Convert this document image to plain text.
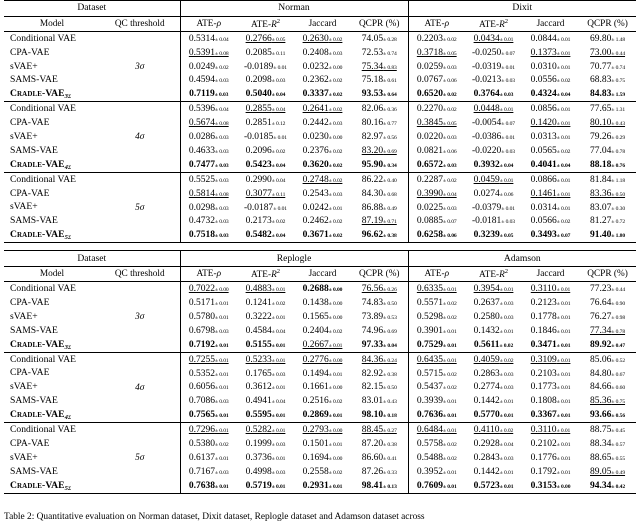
Dataset		Norman				Dixit			
Model	QC threshold	ATE-ρ	ATE-$R^2$	Jaccard	QCPR (%)	ATE-ρ	ATE-$R^2$	Jaccard	QCPR (%)
Conditional VAE	3σ	0.5314± 0.04	0.2766± 0.05	0.2630± 0.02	74.05± 0.28	0.2203± 0.02	0.0434± 0.01	0.0844± 0.01	69.80± 1.48
CPA-VAE		0.5391± 0.08	0.2085± 0.11	0.2408± 0.03	72.53± 0.74	0.3718± 0.05	-0.0250± 0.07	0.1373± 0.01	73.00± 0.44
sVAE+		0.0249± 0.02	-0.0189± 0.01	0.0232± 0.00	75.34± 0.83	0.0259± 0.03	-0.0319± 0.01	0.0310± 0.01	70.77± 0.74
SAMS-VAE		0.4594± 0.03	0.2098± 0.03	0.2362± 0.02	75.18± 0.61	0.0767± 0.06	-0.0213± 0.03	0.0556± 0.02	68.83± 0.75
Cradle-$VAE_{3\sigma}$		0.7119± 0.03	0.5040± 0.04	0.3337± 0.02	93.53± 0.64	0.6520± 0.02	0.3764± 0.03	0.4324± 0.04	84.83± 1.59
Conditional VAE	4σ	0.5396± 0.04	0.2855± 0.04	0.2641± 0.02	82.06± 0.36	0.2270± 0.02	0.0448± 0.01	0.0856± 0.01	77.65± 1.31
CPA-VAE		0.5674± 0.08	0.2851± 0.12	0.2442± 0.03	80.16± 0.77	0.3845± 0.05	-0.0054± 0.07	0.1420± 0.01	80.10± 0.43
sVAE+		0.0286± 0.03	-0.0185± 0.01	0.0230± 0.00	82.97± 0.56	0.0220± 0.03	-0.0386± 0.01	0.0313± 0.01	79.26± 0.29
SAMS-VAE		0.4633± 0.03	0.2096± 0.02	0.2376± 0.02	83.20± 0.69	0.0821± 0.06	-0.0220± 0.03	0.0565± 0.02	77.04± 0.78
Cradle-$VAE_{4\sigma}$		0.7477± 0.03	0.5423± 0.04	0.3620± 0.02	95.90± 0.34	0.6572± 0.03	0.3932± 0.04	0.4041± 0.04	88.18± 0.76
Conditional VAE	5σ	0.5525± 0.03	0.2990± 0.04	0.2748± 0.02	86.22± 0.40	0.2287± 0.02	0.0459± 0.01	0.0866± 0.01	81.84± 1.18
CPA-VAE		0.5814± 0.08	0.3077± 0.11	0.2543± 0.03	84.30± 0.68	0.3990± 0.04	0.0274± 0.06	0.1461± 0.01	83.36± 0.50
sVAE+		0.0298± 0.03	-0.0187± 0.01	0.0242± 0.01	86.88± 0.49	0.0225± 0.03	-0.0379± 0.01	0.0314± 0.01	83.07± 0.30
SAMS-VAE		0.4732± 0.03	0.2173± 0.02	0.2462± 0.02	87.19± 0.71	0.0885± 0.07	-0.0181± 0.03	0.0566± 0.02	81.27± 0.72
Cradle-$VAE_{5\sigma}$		0.7518± 0.03	0.5482± 0.04	0.3671± 0.02	96.62± 0.38	0.6258± 0.06	0.3239± 0.05	0.3493± 0.07	91.40± 1.80

Dataset		Replogle				Adamson			
Model	QC threshold	ATE-ρ	ATE-$R^2$	Jaccard	QCPR (%)	ATE-ρ	ATE-$R^2$	Jaccard	QCPR (%)
Conditional VAE	3σ	0.7022± 0.00	0.4883± 0.01	0.2688± 0.00	76.56± 0.26	0.6335± 0.01	0.3954± 0.01	0.3110± 0.01	77.23± 0.44
CPA-VAE		0.5171± 0.01	0.1241± 0.02	0.1438± 0.00	74.83± 0.50	0.5571± 0.02	0.2637± 0.03	0.2123± 0.01	76.64± 0.90
sVAE+		0.5780± 0.01	0.3222± 0.01	0.1565± 0.00	73.89± 0.53	0.5298± 0.02	0.2580± 0.03	0.1778± 0.01	76.27± 0.98
SAMS-VAE		0.6798± 0.03	0.4584± 0.04	0.2404± 0.02	74.96± 0.69	0.3901± 0.01	0.1432± 0.01	0.1846± 0.01	77.34± 0.78
Cradle-$VAE_{3\sigma}$		0.7192± 0.01	0.5155± 0.01	0.2667± 0.01	97.33± 0.04	0.7529± 0.01	0.5611± 0.02	0.3471± 0.01	89.92± 0.47
Conditional VAE	4σ	0.7255± 0.01	0.5233± 0.01	0.2776± 0.00	84.36± 0.24	0.6435± 0.01	0.4059± 0.02	0.3109± 0.01	85.06± 0.52
CPA-VAE		0.5352± 0.01	0.1765± 0.03	0.1494± 0.01	82.92± 0.38	0.5715± 0.02	0.2863± 0.03	0.2103± 0.01	84.80± 0.67
sVAE+		0.6056± 0.01	0.3612± 0.01	0.1661± 0.00	82.15± 0.50	0.5437± 0.02	0.2774± 0.03	0.1773± 0.01	84.66± 0.60
SAMS-VAE		0.7086± 0.03	0.4941± 0.04	0.2516± 0.02	83.01± 0.43	0.3939± 0.01	0.1442± 0.01	0.1808± 0.01	85.36± 0.75
Cradle-$VAE_{4\sigma}$		0.7565± 0.01	0.5595± 0.01	0.2869± 0.01	98.10± 0.18	0.7636± 0.01	0.5770± 0.01	0.3367± 0.01	93.66± 0.56
Conditional VAE	5σ	0.7296± 0.01	0.5282± 0.01	0.2793± 0.00	88.45± 0.27	0.6484± 0.01	0.4110± 0.02	0.3110± 0.01	88.75± 0.45
CPA-VAE		0.5380± 0.02	0.1999± 0.03	0.1501± 0.01	87.20± 0.38	0.5758± 0.02	0.2928± 0.04	0.2102± 0.01	88.34± 0.57
sVAE+		0.6137± 0.01	0.3736± 0.01	0.1694± 0.00	86.60± 0.41	0.5488± 0.02	0.2843± 0.03	0.1776± 0.01	88.65± 0.55
SAMS-VAE		0.7167± 0.03	0.4998± 0.03	0.2558± 0.02	87.26± 0.33	0.3952± 0.01	0.1442± 0.01	0.1792± 0.01	89.05± 0.49
Cradle-$VAE_{5\sigma}$		0.7638± 0.01	0.5719± 0.01	0.2931± 0.01	98.41± 0.13	0.7609± 0.01	0.5723± 0.01	0.3153± 0.00	94.34± 0.42

Table 2: Quantitative evaluation on Norman dataset, Dixit dataset, Replogle dataset and Adamson dataset across
